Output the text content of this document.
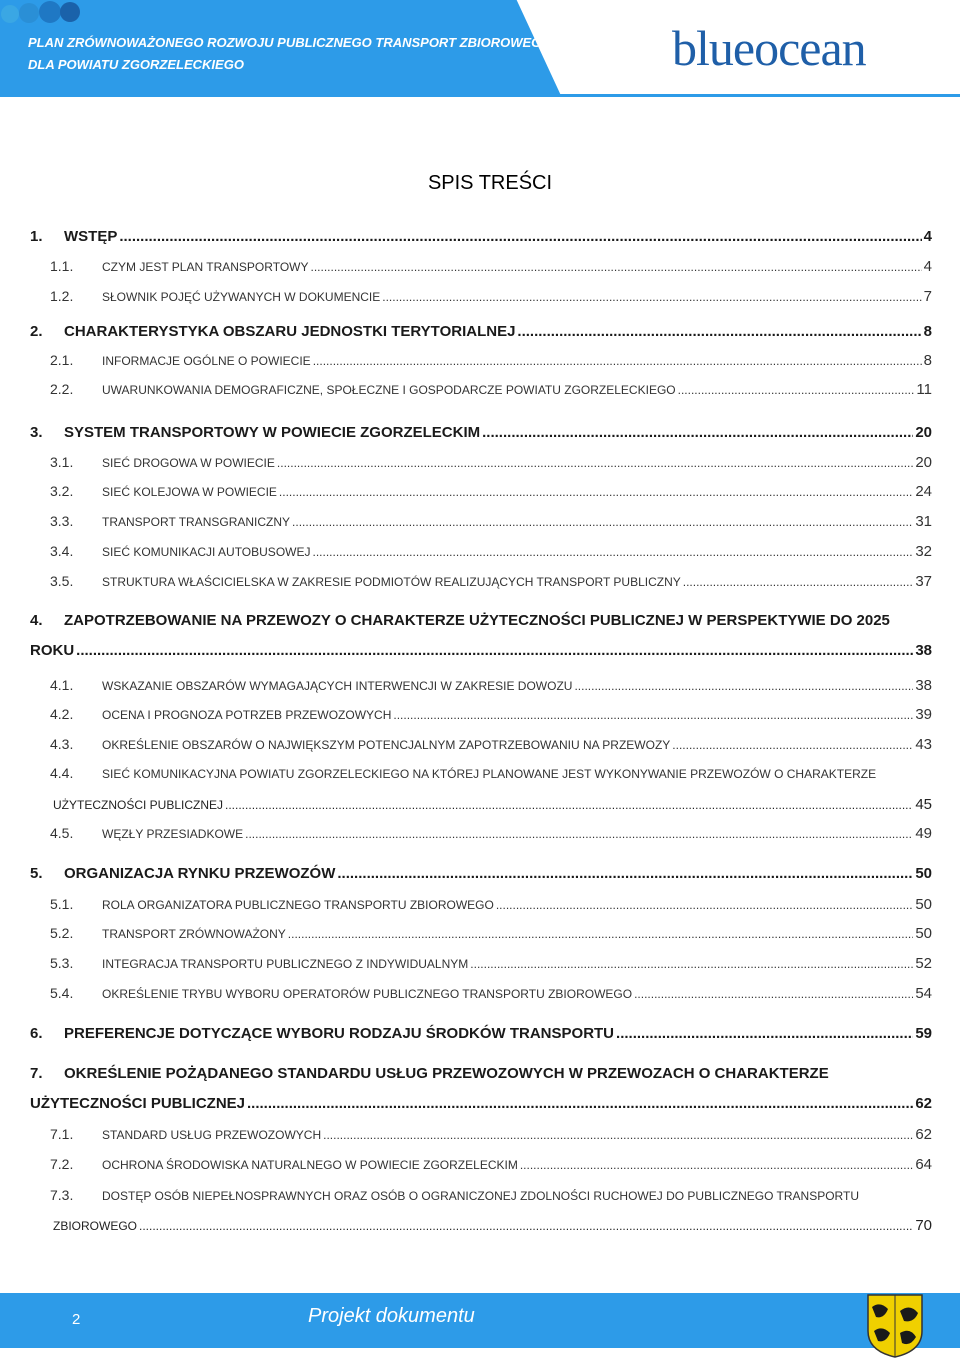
PLAN ZRÓWNOWAŻONEGO ROZWOJU PUBLICZNEGO TRANSPORT ZBIOROWEGO
DLA POWIATU ZGORZELECKIEGO	blueocean
SPIS TREŚCI
1.	WSTĘP .....	4
1.1.	CZYM JEST PLAN TRANSPORTOWY .....	4
1.2.	SŁOWNIK POJĘĆ UŻYWANYCH W DOKUMENCIE .....	7
2.	CHARAKTERYSTYKA OBSZARU JEDNOSTKI TERYTORIALNEJ .....	8
2.1.	INFORMACJE OGÓLNE O POWIECIE .....	8
2.2.	UWARUNKOWANIA DEMOGRAFICZNE, SPOŁECZNE I GOSPODARCZE POWIATU ZGORZELECKIEGO .....	11
3.	SYSTEM TRANSPORTOWY W POWIECIE ZGORZELECKIM .....	20
3.1.	SIEĆ DROGOWA W POWIECIE .....	20
3.2.	SIEĆ KOLEJOWA W POWIECIE .....	24
3.3.	TRANSPORT TRANSGRANICZNY .....	31
3.4.	SIEĆ KOMUNIKACJI AUTOBUSOWEJ .....	32
3.5.	STRUKTURA WŁAŚCICIELSKA W ZAKRESIE PODMIOTÓW REALIZUJĄCYCH TRANSPORT PUBLICZNY .....	37
4.	ZAPOTRZEBOWANIE NA PRZEWOZY O CHARAKTERZE UŻYTECZNOŚCI PUBLICZNEJ W PERSPEKTYWIE DO 2025
ROKU .....	38
4.1.	WSKAZANIE OBSZARÓW WYMAGAJĄCYCH INTERWENCJI W ZAKRESIE DOWOZU .....	38
4.2.	OCENA I PROGNOZA POTRZEB PRZEWOZOWYCH .....	39
4.3.	OKREŚLENIE OBSZARÓW O NAJWIĘKSZYM POTENCJALNYM ZAPOTRZEBOWANIU NA PRZEWOZY .....	43
4.4.	SIEĆ KOMUNIKACYJNA POWIATU ZGORZELECKIEGO NA KTÓREJ PLANOWANE JEST WYKONYWANIE PRZEWOZÓW O CHARAKTERZE
UŻYTECZNOŚCI PUBLICZNEJ .....	45
4.5.	WĘZŁY PRZESIADKOWE .....	49
5.	ORGANIZACJA RYNKU PRZEWOZÓW .....	50
5.1.	ROLA ORGANIZATORA PUBLICZNEGO TRANSPORTU ZBIOROWEGO .....	50
5.2.	TRANSPORT ZRÓWNOWAŻONY .....	50
5.3.	INTEGRACJA TRANSPORTU PUBLICZNEGO Z INDYWIDUALNYM .....	52
5.4.	OKREŚLENIE TRYBU WYBORU OPERATORÓW PUBLICZNEGO TRANSPORTU ZBIOROWEGO .....	54
6.	PREFERENCJE DOTYCZĄCE WYBORU RODZAJU ŚRODKÓW TRANSPORTU .....	59
7.	OKREŚLENIE POŻĄDANEGO STANDARDU USŁUG PRZEWOZOWYCH W PRZEWOZACH O CHARAKTERZE
UŻYTECZNOŚCI PUBLICZNEJ .....	62
7.1.	STANDARD USŁUG PRZEWOZOWYCH .....	62
7.2.	OCHRONA ŚRODOWISKA NATURALNEGO W POWIECIE ZGORZELECKIM .....	64
7.3.	DOSTĘP OSÓB NIEPEŁNOSPRAWNYCH ORAZ OSÓB O OGRANICZONEJ ZDOLNOŚCI RUCHOWEJ DO PUBLICZNEGO TRANSPORTU
ZBIOROWEGO .....	70
2	Projekt dokumentu
